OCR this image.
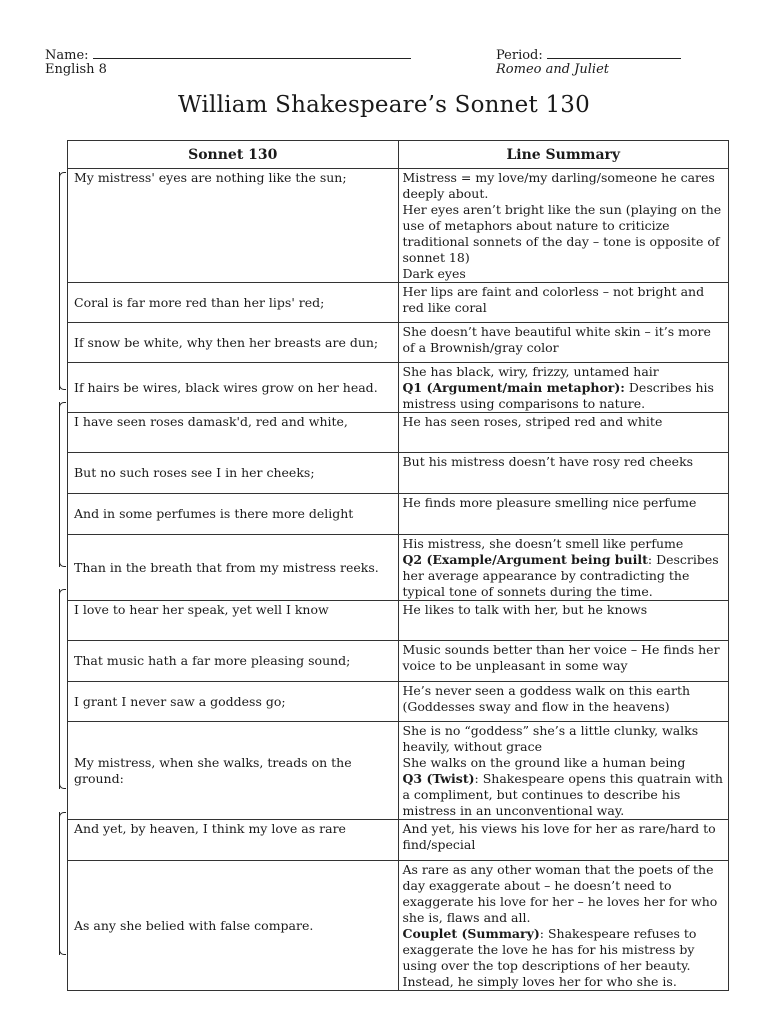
Name:
English 8
Period:
Romeo and Juliet
William Shakespeare’s Sonnet 130
Sonnet 130	Line Summary
My mistress' eyes are nothing like the sun;	Mistress = my love/my darling/someone he cares deeply about.
Her eyes aren’t bright like the sun (playing on the use of metaphors about nature to criticize traditional sonnets of the day – tone is opposite of sonnet 18)
Dark eyes

Coral is far more red than her lips' red;	Her lips are faint and colorless – not bright and red like coral

If snow be white, why then her breasts are dun;	She doesn’t have beautiful white skin – it’s more of a Brownish/gray color

If hairs be wires, black wires grow on her head.	She has black, wiry, frizzy, untamed hair
Q1 (Argument/main metaphor): Describes his mistress using comparisons to nature.

I have seen roses damask'd, red and white,	He has seen roses, striped red and white

But no such roses see I in her cheeks;	But his mistress doesn’t have rosy red cheeks

And in some perfumes is there more delight	He finds more pleasure smelling nice perfume

Than in the breath that from my mistress reeks.	His mistress, she doesn’t smell like perfume
Q2 (Example/Argument being built: Describes her average appearance by contradicting the typical tone of sonnets during the time.

I love to hear her speak, yet well I know	He likes to talk with her, but he knows

That music hath a far more pleasing sound;	Music sounds better than her voice – He finds her voice to be unpleasant in some way

I grant I never saw a goddess go;	He’s never seen a goddess walk on this earth (Goddesses sway and flow in the heavens)

My mistress, when she walks, treads on the ground:	She is no “goddess” she’s a little clunky, walks heavily, without grace
She walks on the ground like a human being
Q3 (Twist): Shakespeare opens this quatrain with a compliment, but continues to describe his mistress in an unconventional way.

And yet, by heaven, I think my love as rare	And yet, his views his love for her as rare/hard to find/special

As any she belied with false compare.	As rare as any other woman that the poets of the day exaggerate about – he doesn’t need to exaggerate his love for her – he loves her for who she is, flaws and all.
Couplet (Summary): Shakespeare refuses to exaggerate the love he has for his mistress by using over the top descriptions of her beauty. Instead, he simply loves her for who she is.
